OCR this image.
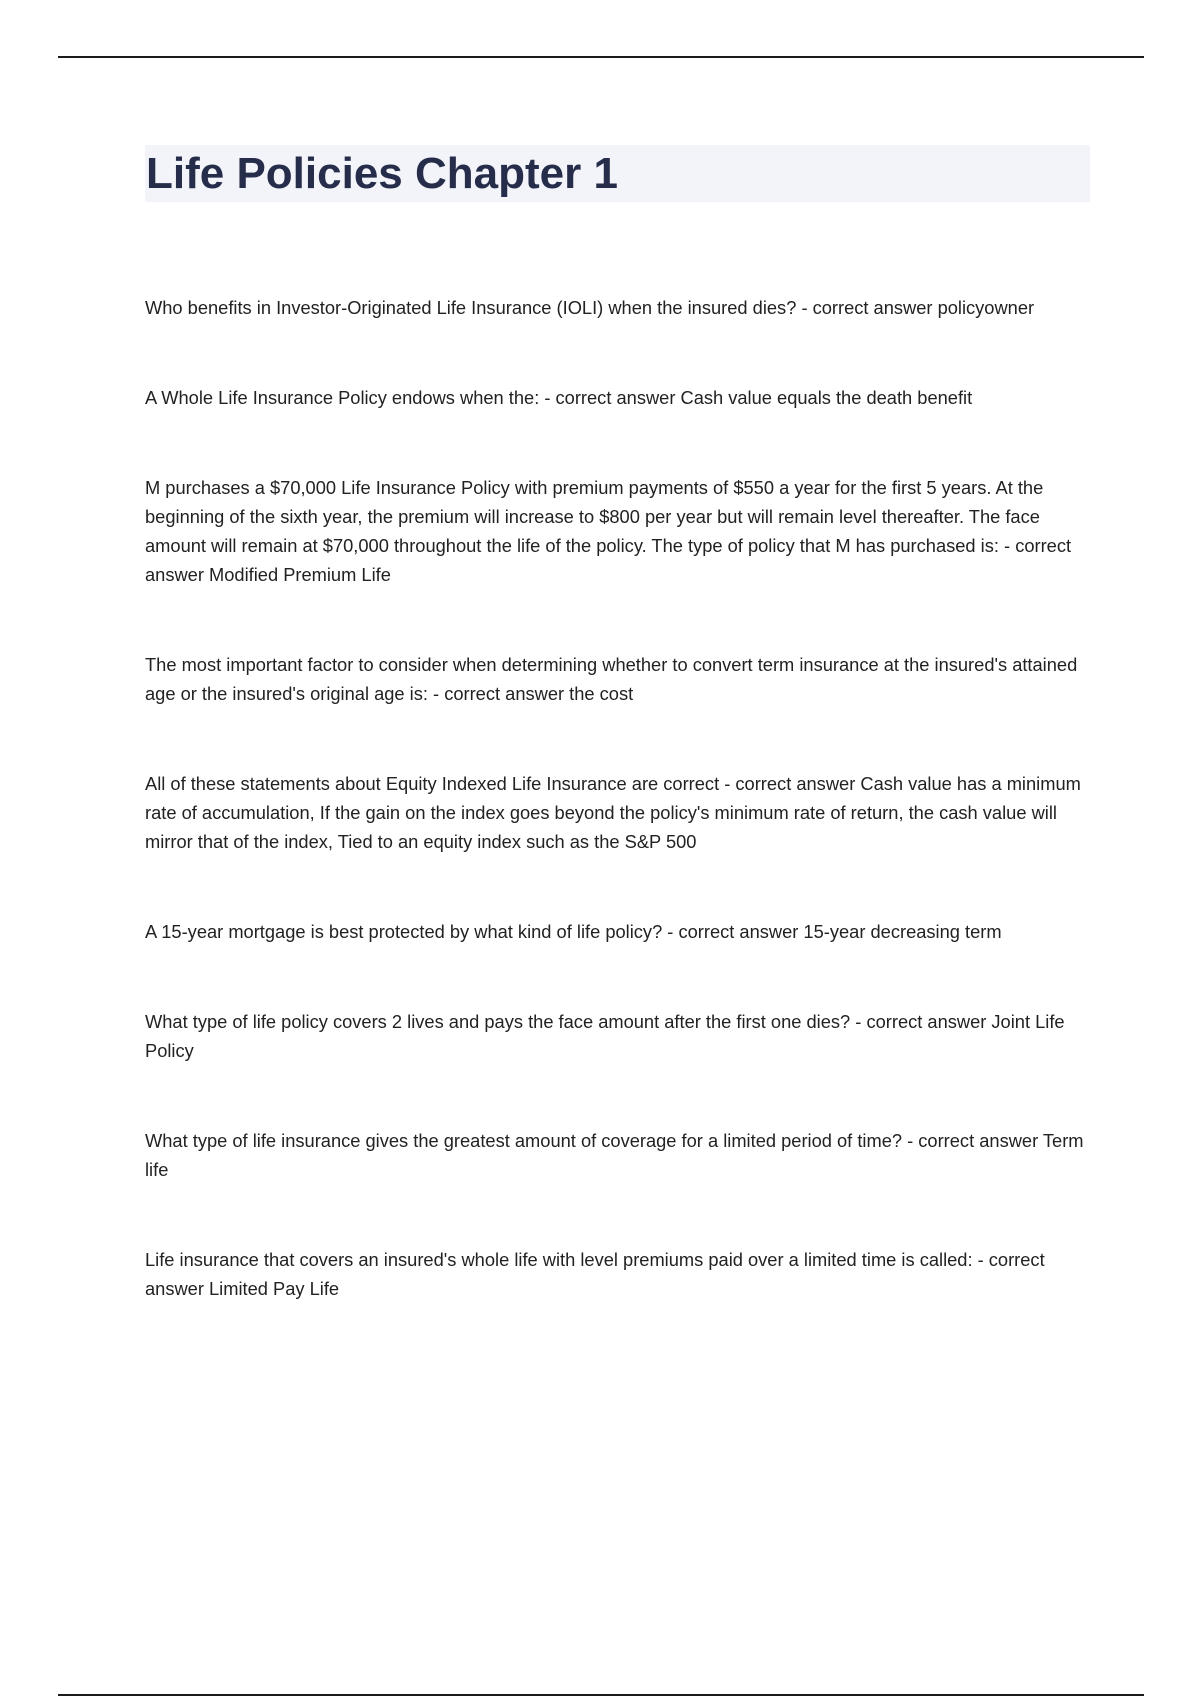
Life Policies Chapter 1

Who benefits in Investor-Originated Life Insurance (IOLI) when the insured dies? - correct answer policyowner

A Whole Life Insurance Policy endows when the: - correct answer Cash value equals the death benefit

M purchases a $70,000 Life Insurance Policy with premium payments of $550 a year for the first 5 years. At the beginning of the sixth year, the premium will increase to $800 per year but will remain level thereafter. The face amount will remain at $70,000 throughout the life of the policy. The type of policy that M has purchased is: - correct answer Modified Premium Life

The most important factor to consider when determining whether to convert term insurance at the insured's attained age or the insured's original age is: - correct answer the cost

All of these statements about Equity Indexed Life Insurance are correct - correct answer Cash value has a minimum rate of accumulation, If the gain on the index goes beyond the policy's minimum rate of return, the cash value will mirror that of the index, Tied to an equity index such as the S&P 500

A 15-year mortgage is best protected by what kind of life policy? - correct answer 15-year decreasing term

What type of life policy covers 2 lives and pays the face amount after the first one dies? - correct answer Joint Life Policy

What type of life insurance gives the greatest amount of coverage for a limited period of time? - correct answer Term life

Life insurance that covers an insured's whole life with level premiums paid over a limited time is called: - correct answer Limited Pay Life
